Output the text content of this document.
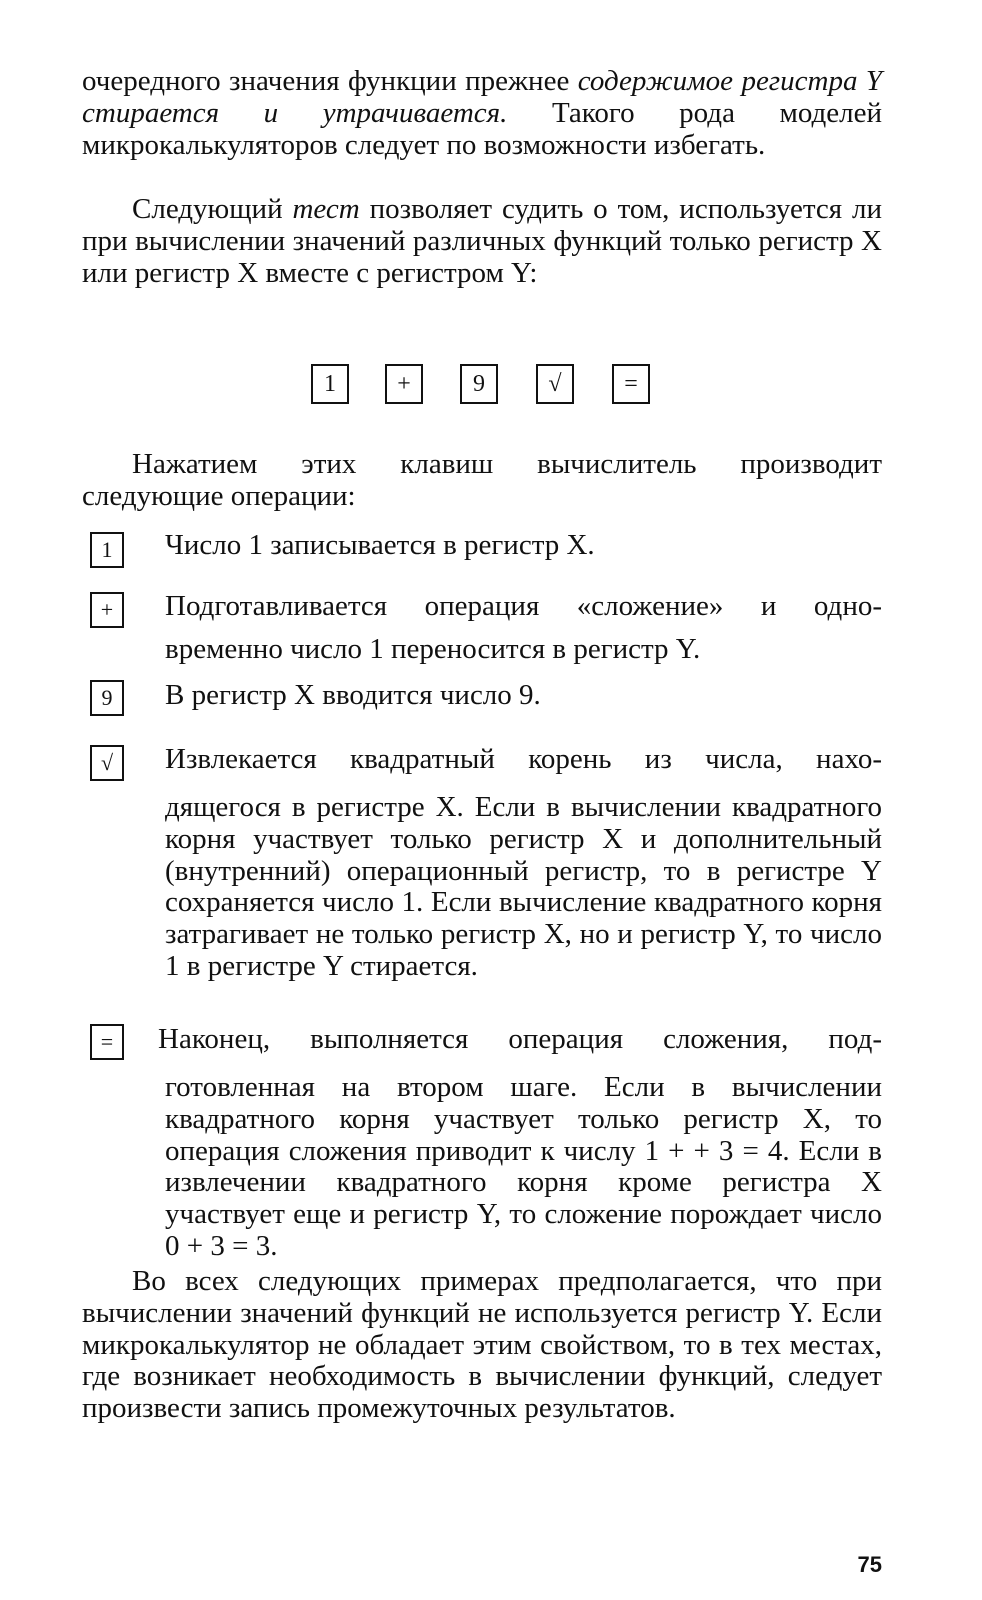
очередного значения функции прежнее содержимое регистра Y стирается и утрачивается. Такого рода моделей микрокалькуляторов следует по возможности избегать.

Следующий тест позволяет судить о том, используется ли при вычислении значений различных функций только регистр X или регистр X вместе с регистром Y:

1	+	9	√	=

Нажатием этих клавиш вычислитель производит следующие операции:

1	Число 1 записывается в регистр X.

+	Подготавливается операция «сложение» и одно-

временно число 1 переносится в регистр Y.

9	В регистр X вводится число 9.

√	Извлекается квадратный корень из числа, нахо-

дящегося в регистре X. Если в вычислении квадратного корня участвует только регистр X и дополнительный (внутренний) операционный регистр, то в регистре Y сохраняется число 1. Если вычисление квадратного корня затрагивает не только регистр X, но и регистр Y, то число 1 в регистре Y стирается.

=	Наконец, выполняется операция сложения, под-

готовленная на втором шаге. Если в вычислении квадратного корня участвует только регистр X, то операция сложения приводит к числу 1 + + 3 = 4. Если в извлечении квадратного корня кроме регистра X участвует еще и регистр Y, то сложение порождает число 0 + 3 = 3.

Во всех следующих примерах предполагается, что при вычислении значений функций не используется регистр Y. Если микрокалькулятор не обладает этим свойством, то в тех местах, где возникает необходимость в вычислении функций, следует произвести запись промежуточных результатов.

75
